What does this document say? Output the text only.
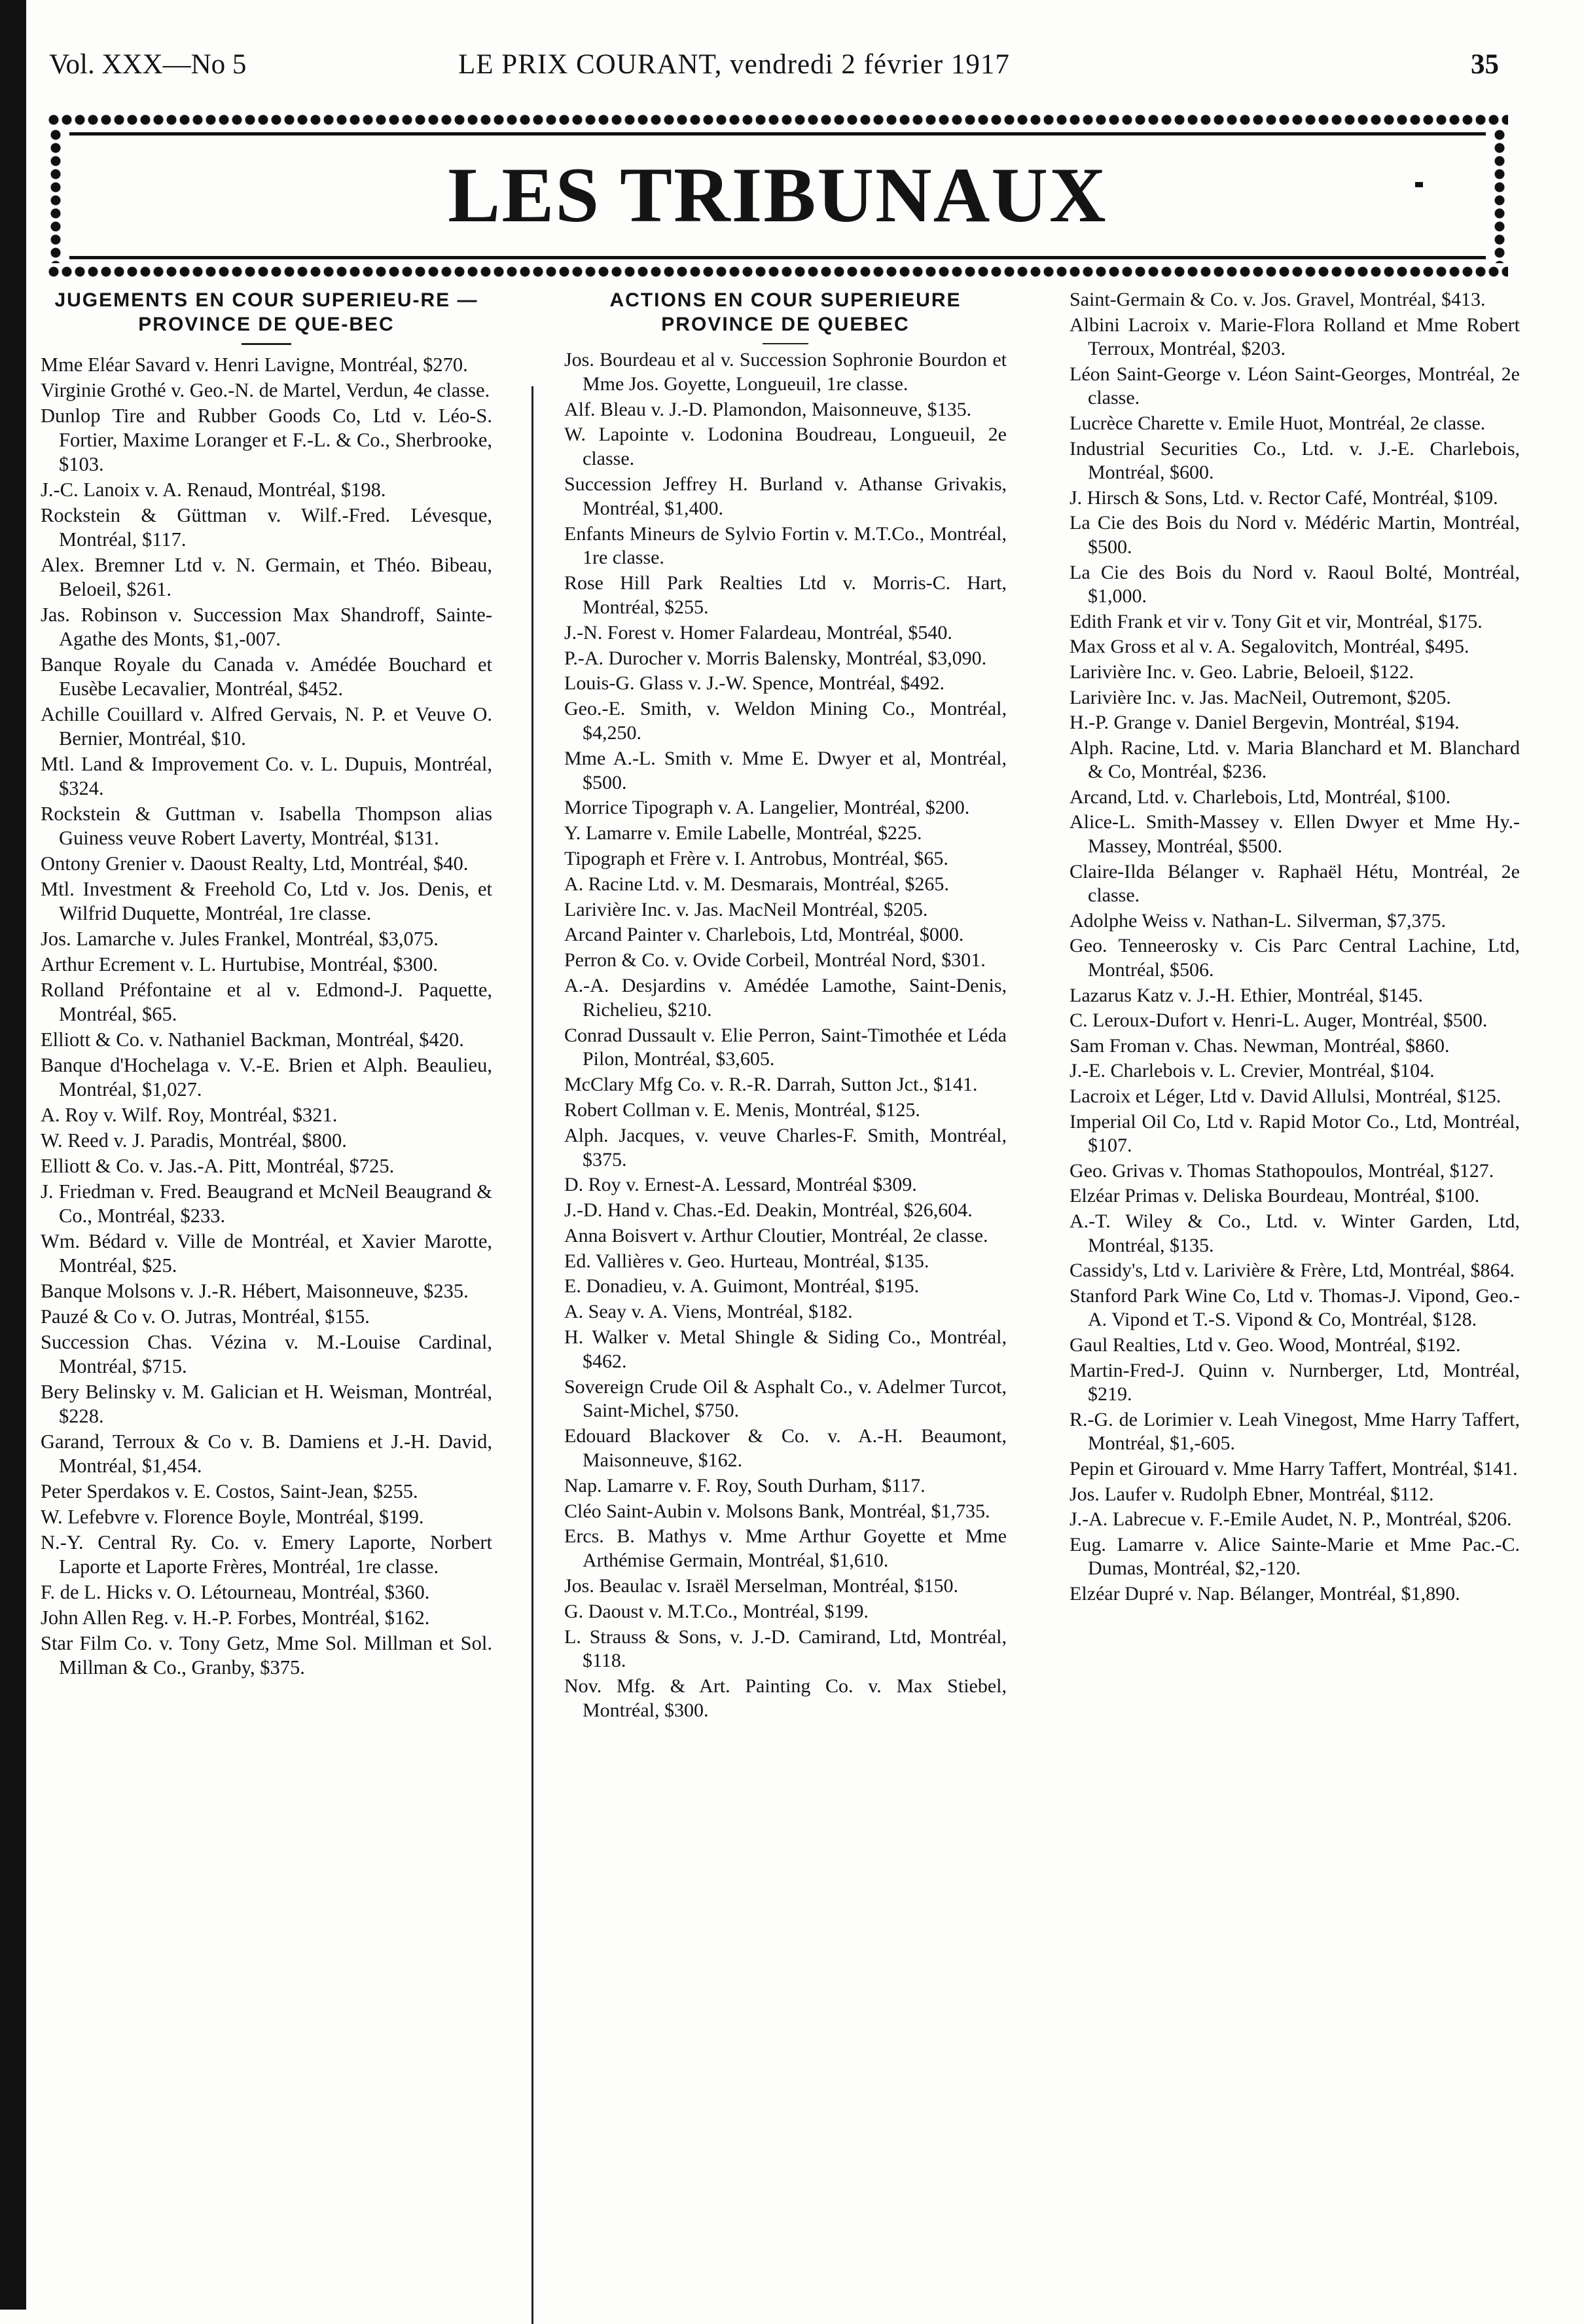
Vol. XXX—No 5	LE PRIX COURANT, vendredi 2 février 1917	35
LES TRIBUNAUX
JUGEMENTS EN COUR SUPERIEU-RE — PROVINCE DE QUE-BEC

Mme Eléar Savard v. Henri Lavigne, Montréal, $270.

Virginie Grothé v. Geo.-N. de Martel, Verdun, 4e classe.

Dunlop Tire and Rubber Goods Co, Ltd v. Léo-S. Fortier, Maxime Loranger et F.-L. & Co., Sherbrooke, $103.

J.-C. Lanoix v. A. Renaud, Montréal, $198.

Rockstein & Güttman v. Wilf.-Fred. Lévesque, Montréal, $117.

Alex. Bremner Ltd v. N. Germain, et Théo. Bibeau, Beloeil, $261.

Jas. Robinson v. Succession Max Shandroff, Sainte-Agathe des Monts, $1,-007.

Banque Royale du Canada v. Amédée Bouchard et Eusèbe Lecavalier, Montréal, $452.

Achille Couillard v. Alfred Gervais, N. P. et Veuve O. Bernier, Montréal, $10.

Mtl. Land & Improvement Co. v. L. Dupuis, Montréal, $324.

Rockstein & Guttman v. Isabella Thompson alias Guiness veuve Robert Laverty, Montréal, $131.

Ontony Grenier v. Daoust Realty, Ltd, Montréal, $40.

Mtl. Investment & Freehold Co, Ltd v. Jos. Denis, et Wilfrid Duquette, Montréal, 1re classe.

Jos. Lamarche v. Jules Frankel, Montréal, $3,075.

Arthur Ecrement v. L. Hurtubise, Montréal, $300.

Rolland Préfontaine et al v. Edmond-J. Paquette, Montréal, $65.

Elliott & Co. v. Nathaniel Backman, Montréal, $420.

Banque d'Hochelaga v. V.-E. Brien et Alph. Beaulieu, Montréal, $1,027.

A. Roy v. Wilf. Roy, Montréal, $321.

W. Reed v. J. Paradis, Montréal, $800.

Elliott & Co. v. Jas.-A. Pitt, Montréal, $725.

J. Friedman v. Fred. Beaugrand et McNeil Beaugrand & Co., Montréal, $233.

Wm. Bédard v. Ville de Montréal, et Xavier Marotte, Montréal, $25.

Banque Molsons v. J.-R. Hébert, Maisonneuve, $235.

Pauzé & Co v. O. Jutras, Montréal, $155.

Succession Chas. Vézina v. M.-Louise Cardinal, Montréal, $715.

Bery Belinsky v. M. Galician et H. Weisman, Montréal, $228.

Garand, Terroux & Co v. B. Damiens et J.-H. David, Montréal, $1,454.

Peter Sperdakos v. E. Costos, Saint-Jean, $255.

W. Lefebvre v. Florence Boyle, Montréal, $199.

N.-Y. Central Ry. Co. v. Emery Laporte, Norbert Laporte et Laporte Frères, Montréal, 1re classe.

F. de L. Hicks v. O. Létourneau, Montréal, $360.

John Allen Reg. v. H.-P. Forbes, Montréal, $162.

Star Film Co. v. Tony Getz, Mme Sol. Millman et Sol. Millman & Co., Granby, $375.

ACTIONS EN COUR SUPERIEURE PROVINCE DE QUEBEC

Jos. Bourdeau et al v. Succession Sophronie Bourdon et Mme Jos. Goyette, Longueuil, 1re classe.

Alf. Bleau v. J.-D. Plamondon, Maisonneuve, $135.

W. Lapointe v. Lodonina Boudreau, Longueuil, 2e classe.

Succession Jeffrey H. Burland v. Athanse Grivakis, Montréal, $1,400.

Enfants Mineurs de Sylvio Fortin v. M.T.Co., Montréal, 1re classe.

Rose Hill Park Realties Ltd v. Morris-C. Hart, Montréal, $255.

J.-N. Forest v. Homer Falardeau, Montréal, $540.

P.-A. Durocher v. Morris Balensky, Montréal, $3,090.

Louis-G. Glass v. J.-W. Spence, Montréal, $492.

Geo.-E. Smith, v. Weldon Mining Co., Montréal, $4,250.

Mme A.-L. Smith v. Mme E. Dwyer et al, Montréal, $500.

Morrice Tipograph v. A. Langelier, Montréal, $200.

Y. Lamarre v. Emile Labelle, Montréal, $225.

Tipograph et Frère v. I. Antrobus, Montréal, $65.

A. Racine Ltd. v. M. Desmarais, Montréal, $265.

Larivière Inc. v. Jas. MacNeil Montréal, $205.

Arcand Painter v. Charlebois, Ltd, Montréal, $000.

Perron & Co. v. Ovide Corbeil, Montréal Nord, $301.

A.-A. Desjardins v. Amédée Lamothe, Saint-Denis, Richelieu, $210.

Conrad Dussault v. Elie Perron, Saint-Timothée et Léda Pilon, Montréal, $3,605.

McClary Mfg Co. v. R.-R. Darrah, Sutton Jct., $141.

Robert Collman v. E. Menis, Montréal, $125.

Alph. Jacques, v. veuve Charles-F. Smith, Montréal, $375.

D. Roy v. Ernest-A. Lessard, Montréal $309.

J.-D. Hand v. Chas.-Ed. Deakin, Montréal, $26,604.

Anna Boisvert v. Arthur Cloutier, Montréal, 2e classe.

Ed. Vallières v. Geo. Hurteau, Montréal, $135.

E. Donadieu, v. A. Guimont, Montréal, $195.

A. Seay v. A. Viens, Montréal, $182.

H. Walker v. Metal Shingle & Siding Co., Montréal, $462.

Sovereign Crude Oil & Asphalt Co., v. Adelmer Turcot, Saint-Michel, $750.

Edouard Blackover & Co. v. A.-H. Beaumont, Maisonneuve, $162.

Nap. Lamarre v. F. Roy, South Durham, $117.

Cléo Saint-Aubin v. Molsons Bank, Montréal, $1,735.

Ercs. B. Mathys v. Mme Arthur Goyette et Mme Arthémise Germain, Montréal, $1,610.

Jos. Beaulac v. Israël Merselman, Montréal, $150.

G. Daoust v. M.T.Co., Montréal, $199.

L. Strauss & Sons, v. J.-D. Camirand, Ltd, Montréal, $118.

Nov. Mfg. & Art. Painting Co. v. Max Stiebel, Montréal, $300.

Saint-Germain & Co. v. Jos. Gravel, Montréal, $413.

Albini Lacroix v. Marie-Flora Rolland et Mme Robert Terroux, Montréal, $203.

Léon Saint-George v. Léon Saint-Georges, Montréal, 2e classe.

Lucrèce Charette v. Emile Huot, Montréal, 2e classe.

Industrial Securities Co., Ltd. v. J.-E. Charlebois, Montréal, $600.

J. Hirsch & Sons, Ltd. v. Rector Café, Montréal, $109.

La Cie des Bois du Nord v. Médéric Martin, Montréal, $500.

La Cie des Bois du Nord v. Raoul Bolté, Montréal, $1,000.

Edith Frank et vir v. Tony Git et vir, Montréal, $175.

Max Gross et al v. A. Segalovitch, Montréal, $495.

Larivière Inc. v. Geo. Labrie, Beloeil, $122.

Larivière Inc. v. Jas. MacNeil, Outremont, $205.

H.-P. Grange v. Daniel Bergevin, Montréal, $194.

Alph. Racine, Ltd. v. Maria Blanchard et M. Blanchard & Co, Montréal, $236.

Arcand, Ltd. v. Charlebois, Ltd, Montréal, $100.

Alice-L. Smith-Massey v. Ellen Dwyer et Mme Hy.-Massey, Montréal, $500.

Claire-Ilda Bélanger v. Raphaël Hétu, Montréal, 2e classe.

Adolphe Weiss v. Nathan-L. Silverman, $7,375.

Geo. Tenneerosky v. Cis Parc Central Lachine, Ltd, Montréal, $506.

Lazarus Katz v. J.-H. Ethier, Montréal, $145.

C. Leroux-Dufort v. Henri-L. Auger, Montréal, $500.

Sam Froman v. Chas. Newman, Montréal, $860.

J.-E. Charlebois v. L. Crevier, Montréal, $104.

Lacroix et Léger, Ltd v. David Allulsi, Montréal, $125.

Imperial Oil Co, Ltd v. Rapid Motor Co., Ltd, Montréal, $107.

Geo. Grivas v. Thomas Stathopoulos, Montréal, $127.

Elzéar Primas v. Deliska Bourdeau, Montréal, $100.

A.-T. Wiley & Co., Ltd. v. Winter Garden, Ltd, Montréal, $135.

Cassidy's, Ltd v. Larivière & Frère, Ltd, Montréal, $864.

Stanford Park Wine Co, Ltd v. Thomas-J. Vipond, Geo.-A. Vipond et T.-S. Vipond & Co, Montréal, $128.

Gaul Realties, Ltd v. Geo. Wood, Montréal, $192.

Martin-Fred-J. Quinn v. Nurnberger, Ltd, Montréal, $219.

R.-G. de Lorimier v. Leah Vinegost, Mme Harry Taffert, Montréal, $1,-605.

Pepin et Girouard v. Mme Harry Taffert, Montréal, $141.

Jos. Laufer v. Rudolph Ebner, Montréal, $112.

J.-A. Labrecue v. F.-Emile Audet, N. P., Montréal, $206.

Eug. Lamarre v. Alice Sainte-Marie et Mme Pac.-C. Dumas, Montréal, $2,-120.

Elzéar Dupré v. Nap. Bélanger, Montréal, $1,890.
